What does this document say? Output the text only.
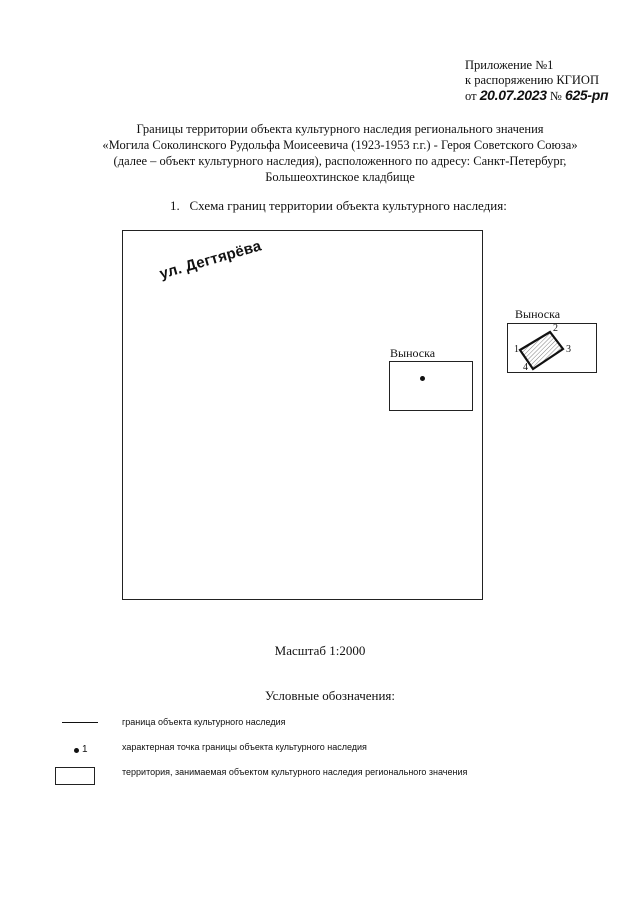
Приложение №1
к распоряжению КГИОП
от 20.07.2023 № 625-рп
Границы территории объекта культурного наследия регионального значения
«Могила Соколинского Рудольфа Моисеевича (1923-1953 г.г.) - Героя Советского Союза»
(далее – объект культурного наследия), расположенного по адресу: Санкт-Петербург,
Большеохтинское кладбище
1. Схема границ территории объекта культурного наследия:
ул. Дегтярёва
Выноска
Выноска
1
2
3
4
Масштаб 1:2000
Условные обозначения:
граница объекта культурного наследия
1	характерная точка границы объекта культурного наследия
территория, занимаемая объектом культурного наследия регионального значения
